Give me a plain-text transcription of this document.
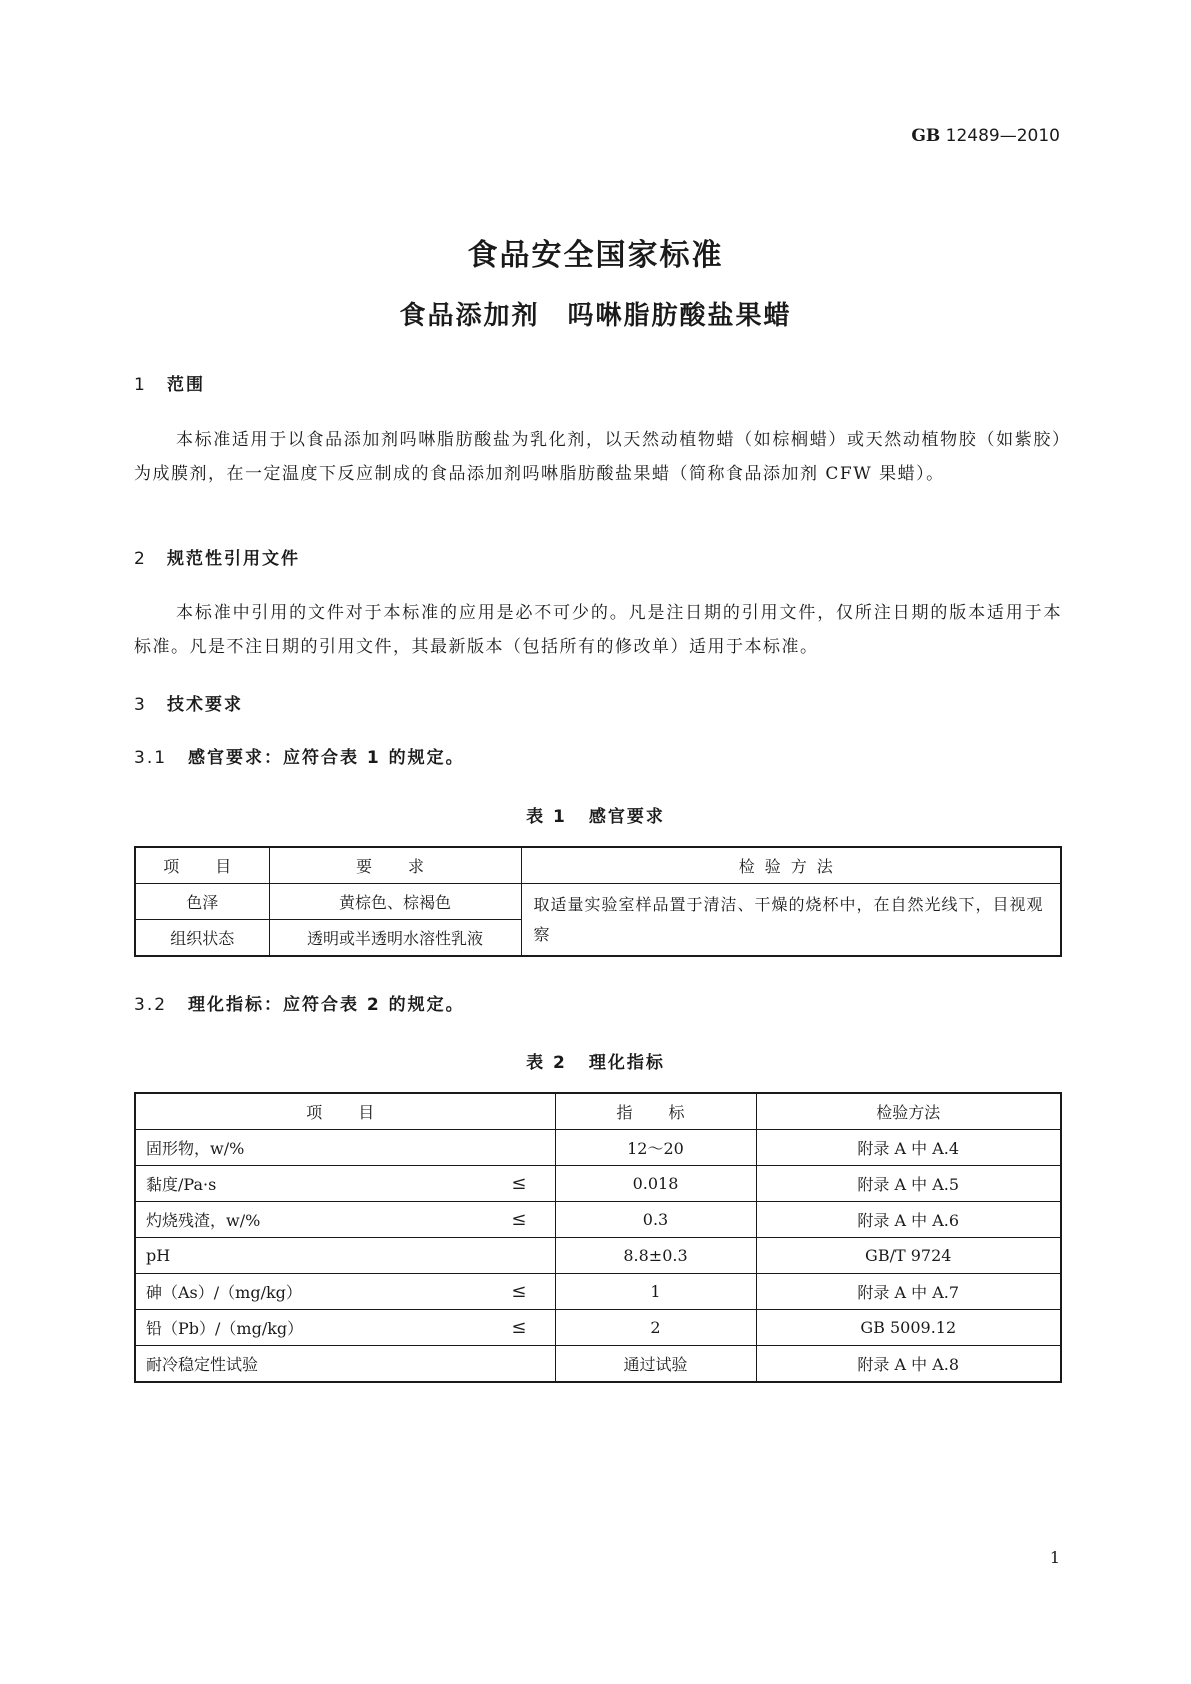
GB 12489—2010
食品安全国家标准
食品添加剂 吗啉脂肪酸盐果蜡
1 范围
本标准适用于以食品添加剂吗啉脂肪酸盐为乳化剂，以天然动植物蜡（如棕榈蜡）或天然动植物胶（如紫胶）为成膜剂，在一定温度下反应制成的食品添加剂吗啉脂肪酸盐果蜡（简称食品添加剂 CFW 果蜡）。
2 规范性引用文件
本标准中引用的文件对于本标准的应用是必不可少的。凡是注日期的引用文件，仅所注日期的版本适用于本标准。凡是不注日期的引用文件，其最新版本（包括所有的修改单）适用于本标准。
3 技术要求
3.1 感官要求：应符合表 1 的规定。
表 1 感官要求
项　目	要　求	检验方法
色泽	黄棕色、棕褐色	取适量实验室样品置于清洁、干燥的烧杯中，在自然光线下，目视观察
组织状态	透明或半透明水溶性乳液	
3.2 理化指标：应符合表 2 的规定。
表 2 理化指标
项　目	指　标	检验方法

固形物，w/%	12～20	附录 A 中 A.4

黏度/Pa·s ≤	0.018	附录 A 中 A.5

灼烧残渣，w/% ≤	0.3	附录 A 中 A.6

pH	8.8±0.3	GB/T 9724

砷（As）/（mg/kg） ≤	1	附录 A 中 A.7

铅（Pb）/（mg/kg） ≤	2	GB 5009.12

耐冷稳定性试验	通过试验	附录 A 中 A.8
1
